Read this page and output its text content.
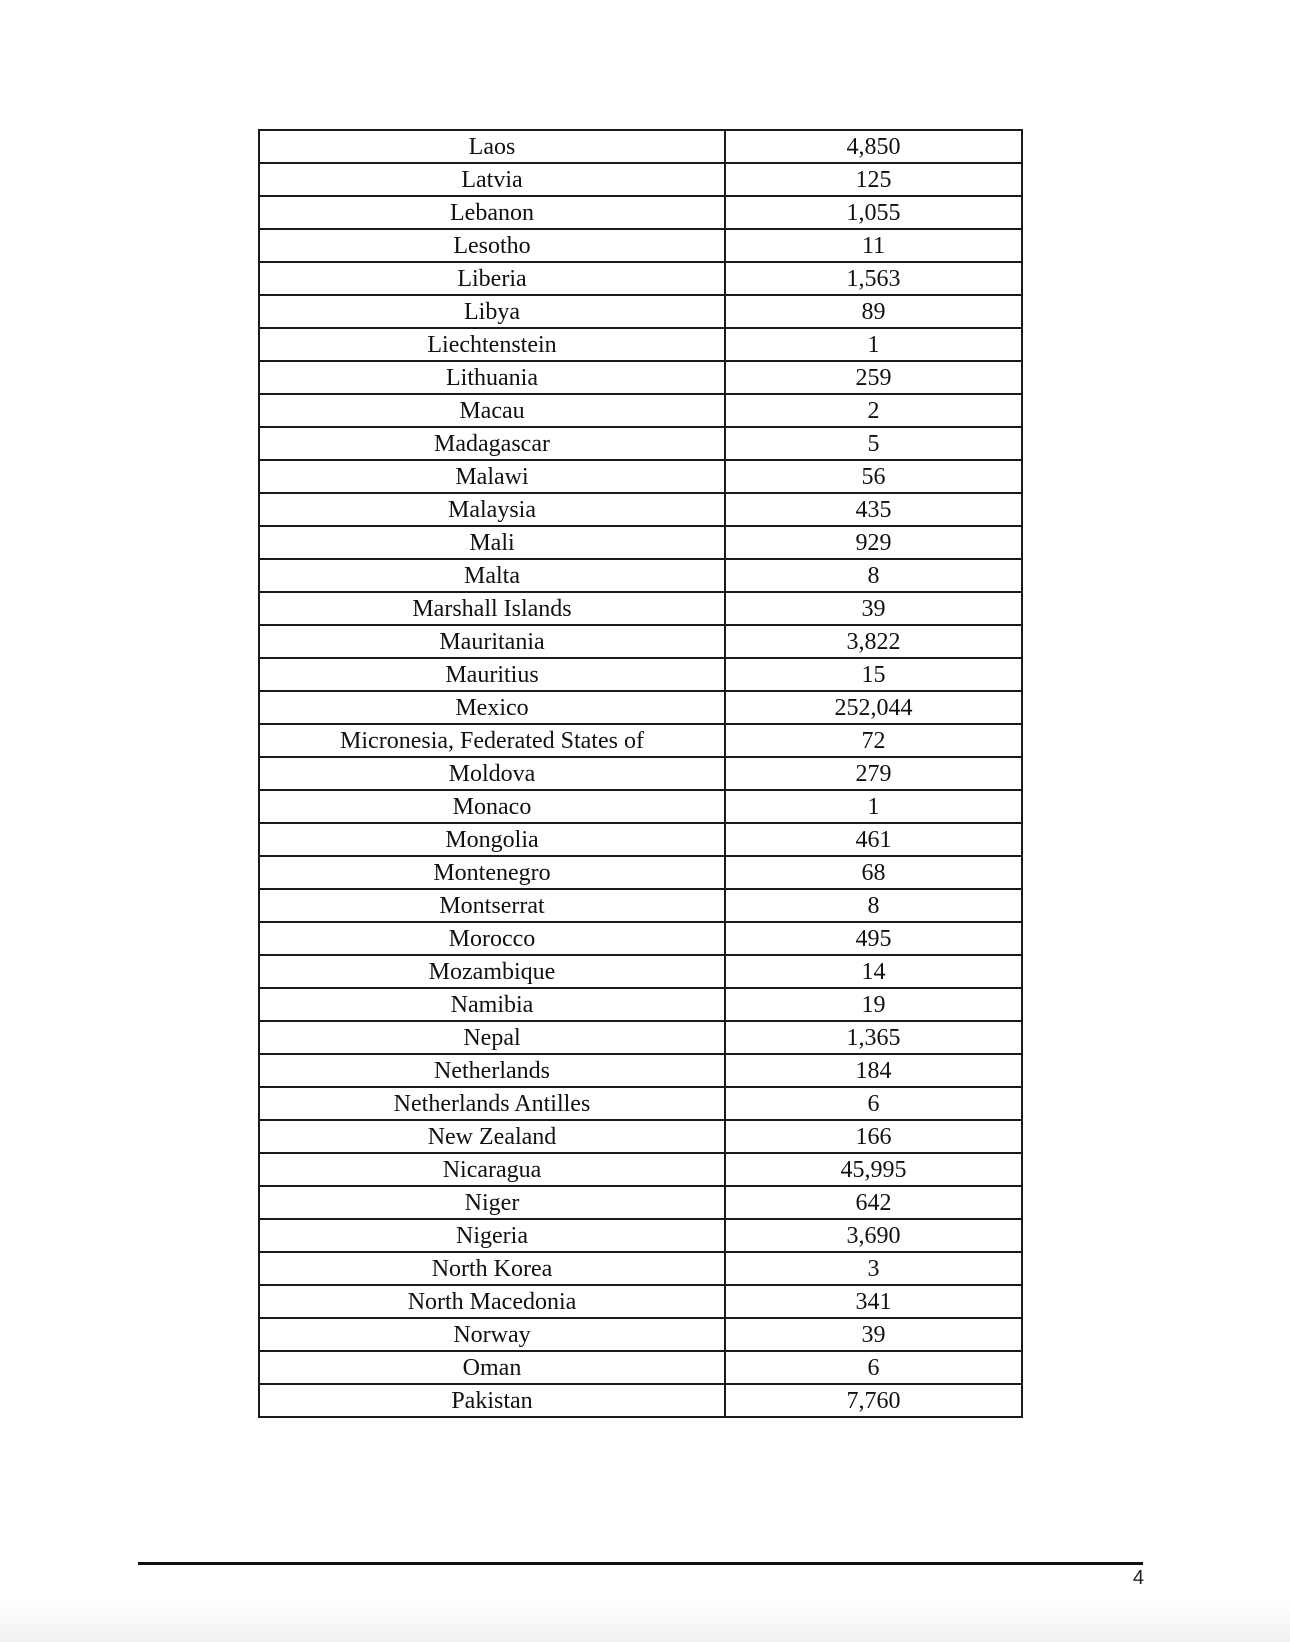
Laos	4,850
Latvia	125
Lebanon	1,055
Lesotho	11
Liberia	1,563
Libya	89
Liechtenstein	1
Lithuania	259
Macau	2
Madagascar	5
Malawi	56
Malaysia	435
Mali	929
Malta	8
Marshall Islands	39
Mauritania	3,822
Mauritius	15
Mexico	252,044
Micronesia, Federated States of	72
Moldova	279
Monaco	1
Mongolia	461
Montenegro	68
Montserrat	8
Morocco	495
Mozambique	14
Namibia	19
Nepal	1,365
Netherlands	184
Netherlands Antilles	6
New Zealand	166
Nicaragua	45,995
Niger	642
Nigeria	3,690
North Korea	3
North Macedonia	341
Norway	39
Oman	6
Pakistan	7,760
4
